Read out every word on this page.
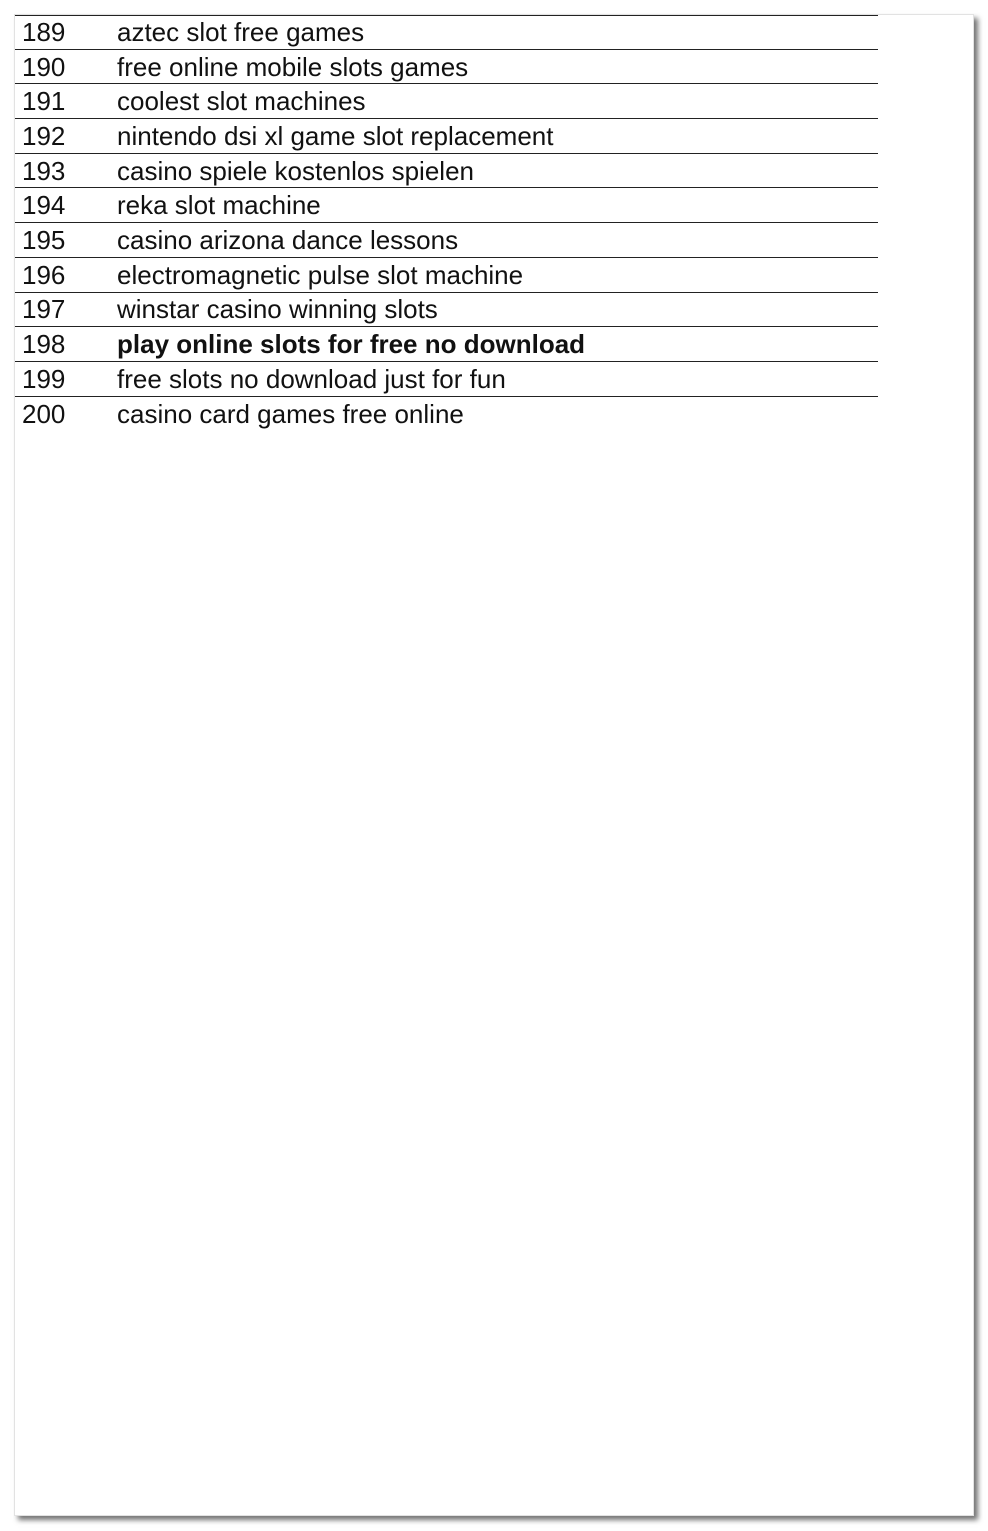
189	aztec slot free games
190	free online mobile slots games
191	coolest slot machines
192	nintendo dsi xl game slot replacement
193	casino spiele kostenlos spielen
194	reka slot machine
195	casino arizona dance lessons
196	electromagnetic pulse slot machine
197	winstar casino winning slots
198	play online slots for free no download
199	free slots no download just for fun
200	casino card games free online
